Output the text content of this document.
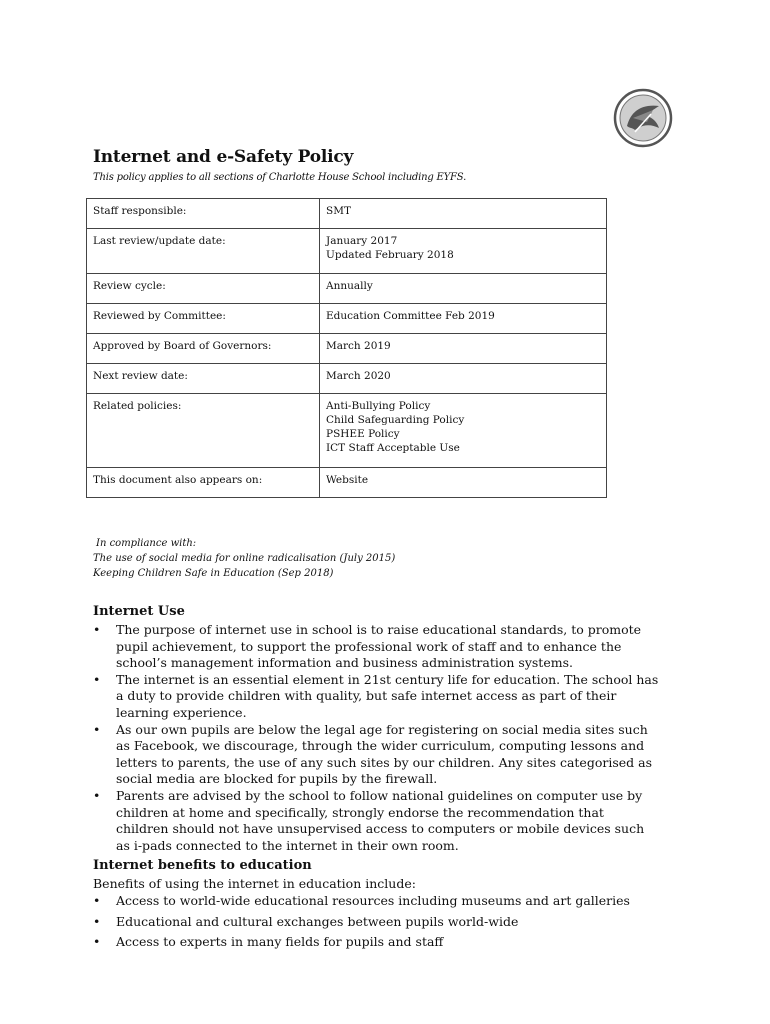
Internet and e-Safety Policy

This policy applies to all sections of Charlotte House School including EYFS.

Staff responsible:	SMT

Last review/update date:	January 2017
Updated February 2018

Review cycle:	Annually

Reviewed by Committee:	Education Committee Feb 2019

Approved by Board of Governors:	March 2019

Next review date:	March 2020

Related policies:	Anti-Bullying Policy
Child Safeguarding Policy
PSHEE Policy
ICT Staff Acceptable Use

This document also appears on:	Website
In compliance with:
The use of social media for online radicalisation (July 2015)
Keeping Children Safe in Education (Sep 2018)
Internet Use
•	The purpose of internet use in school is to raise educational standards, to promote pupil achievement, to support the professional work of staff and to enhance the school’s management information and business administration systems.
•	The internet is an essential element in 21st century life for education. The school has a duty to provide children with quality, but safe internet access as part of their learning experience.
•	As our own pupils are below the legal age for registering on social media sites such as Facebook, we discourage, through the wider curriculum, computing lessons and letters to parents, the use of any such sites by our children. Any sites categorised as social media are blocked for pupils by the firewall.
•	Parents are advised by the school to follow national guidelines on computer use by children at home and specifically, strongly endorse the recommendation that children should not have unsupervised access to computers or mobile devices such as i-pads connected to the internet in their own room.
Internet benefits to education

Benefits of using the internet in education include:

•	Access to world-wide educational resources including museums and art galleries
•	Educational and cultural exchanges between pupils world-wide
•	Access to experts in many fields for pupils and staff
